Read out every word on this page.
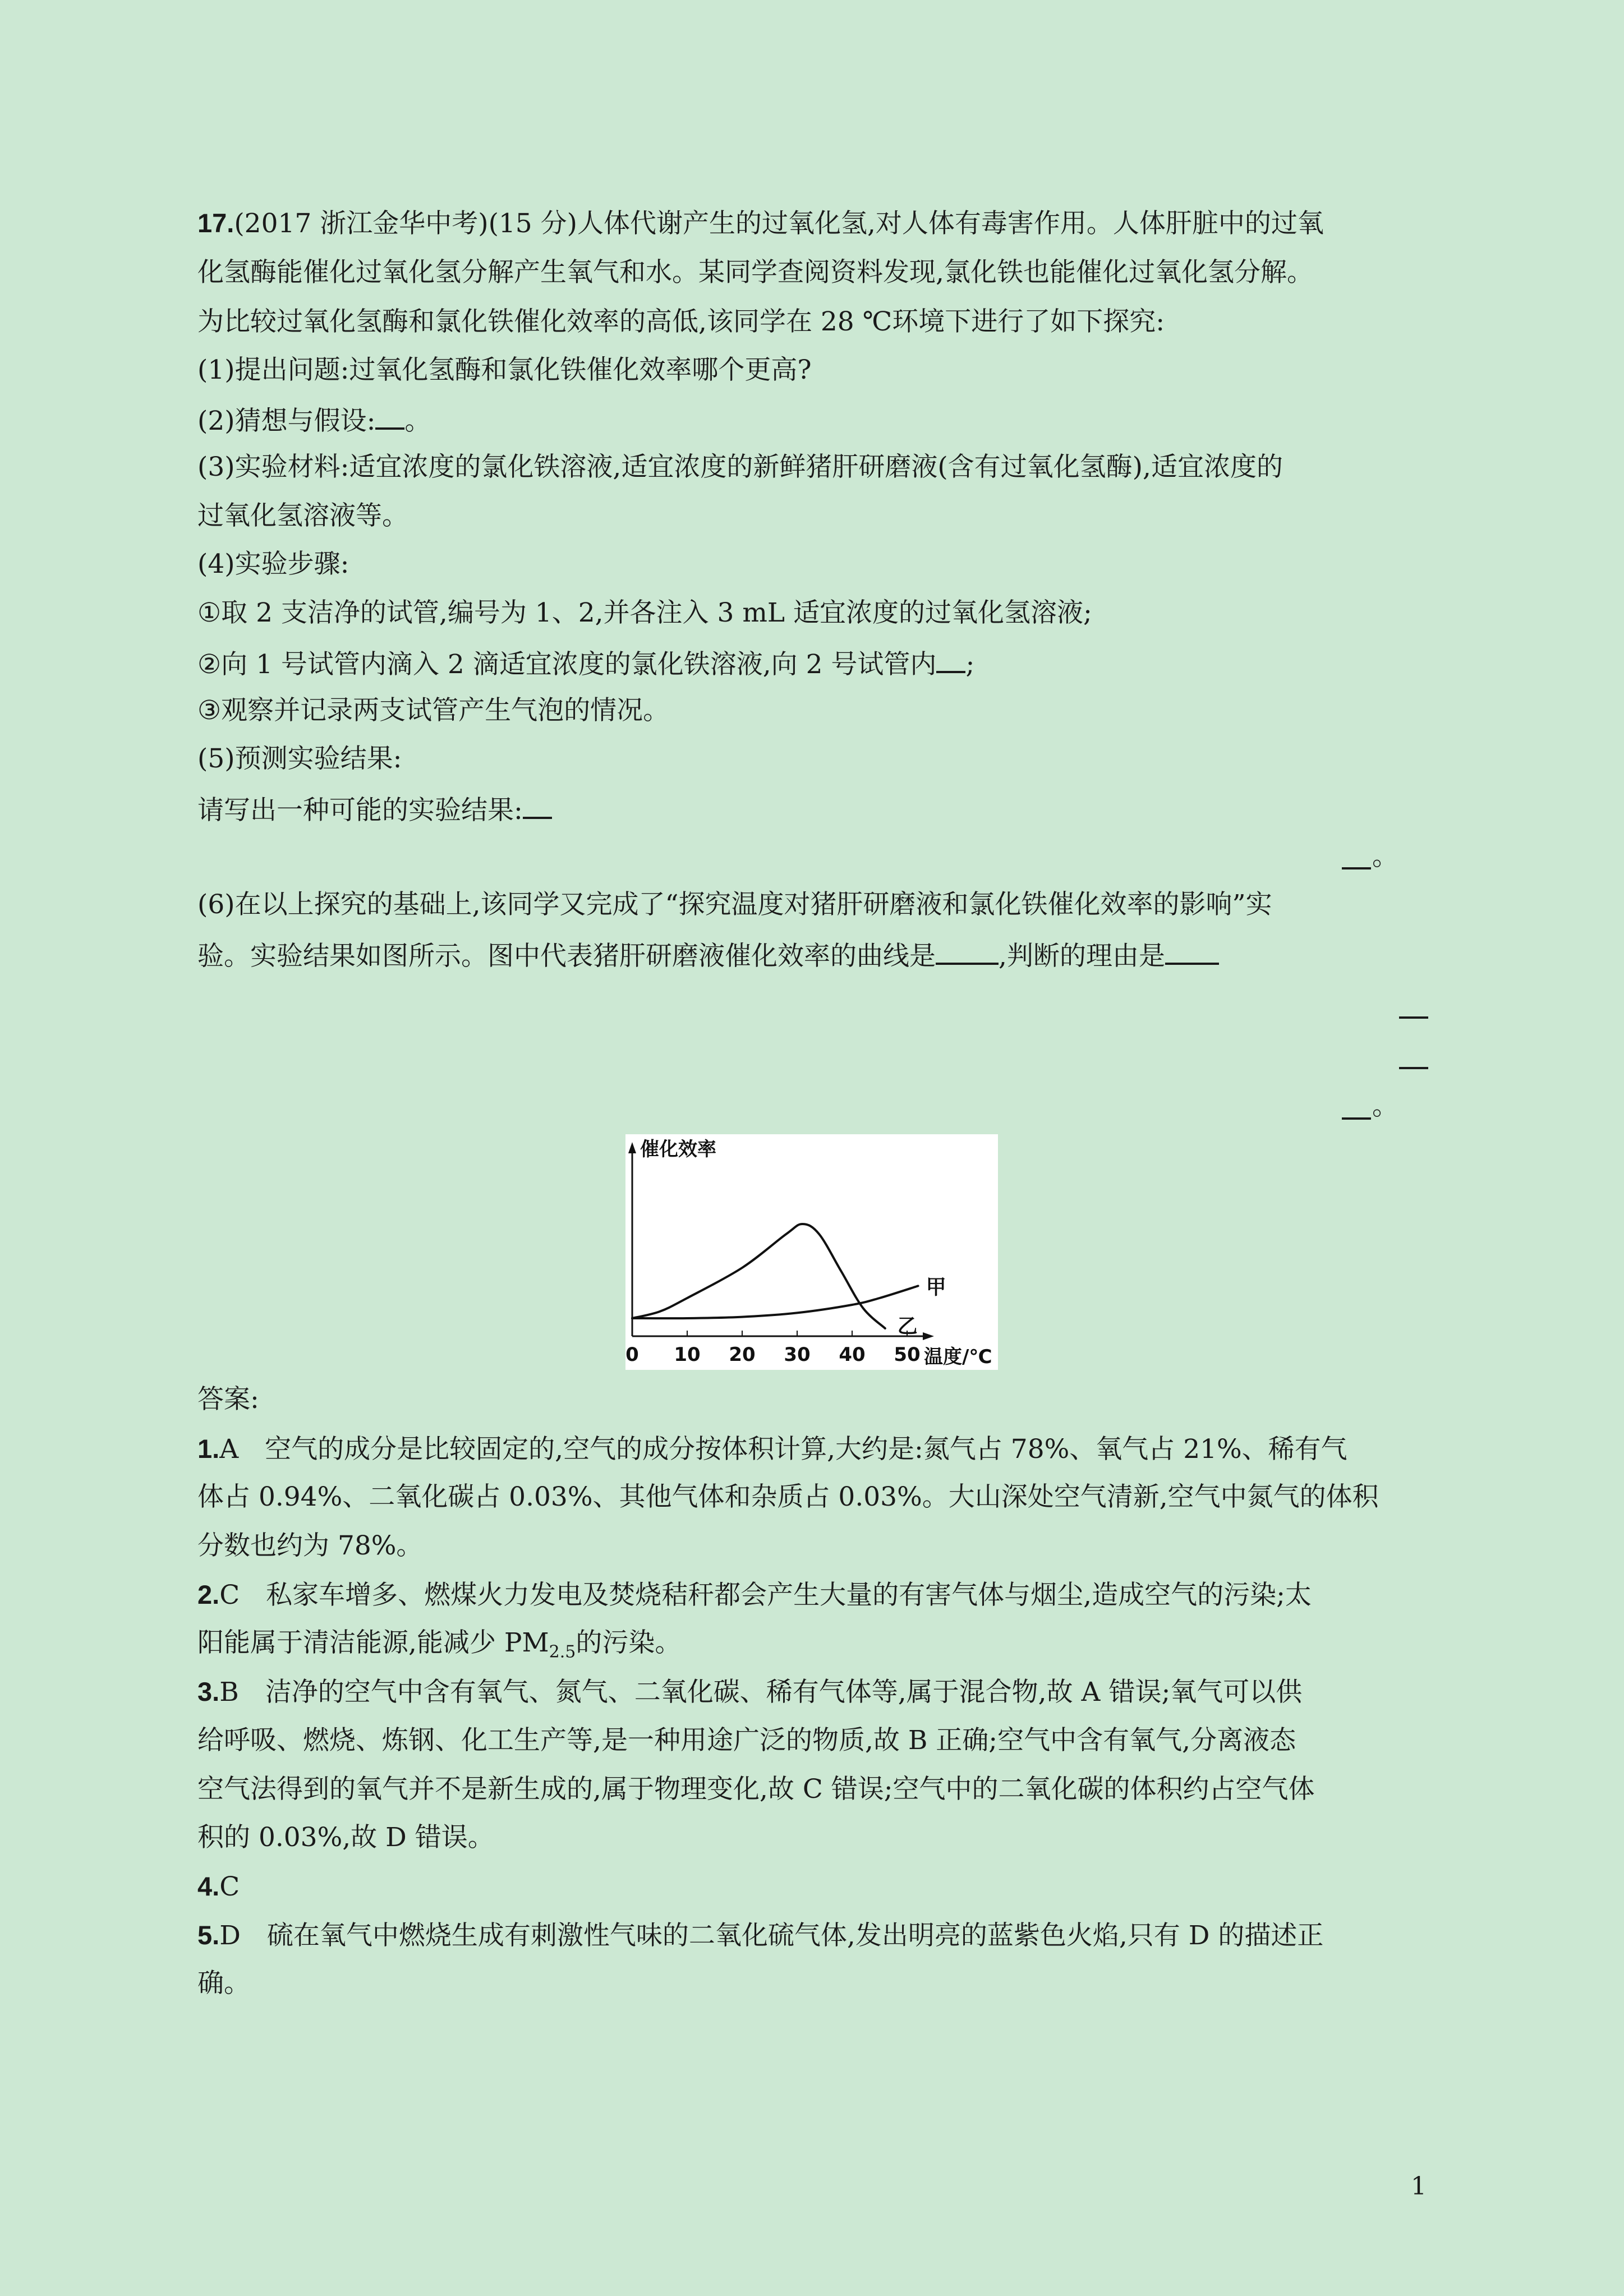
17.(2017 浙江金华中考)(15 分)人体代谢产生的过氧化氢,对人体有毒害作用。人体肝脏中的过氧
化氢酶能催化过氧化氢分解产生氧气和水。某同学查阅资料发现,氯化铁也能催化过氧化氢分解。
为比较过氧化氢酶和氯化铁催化效率的高低,该同学在 28 ℃环境下进行了如下探究:
(1)提出问题:过氧化氢酶和氯化铁催化效率哪个更高?
(2)猜想与假设: 。
(3)实验材料:适宜浓度的氯化铁溶液,适宜浓度的新鲜猪肝研磨液(含有过氧化氢酶),适宜浓度的
过氧化氢溶液等。
(4)实验步骤:
①取 2 支洁净的试管,编号为 1、2,并各注入 3 mL 适宜浓度的过氧化氢溶液;
②向 1 号试管内滴入 2 滴适宜浓度的氯化铁溶液,向 2 号试管内 ;
③观察并记录两支试管产生气泡的情况。
(5)预测实验结果:
请写出一种可能的实验结果:
。
(6)在以上探究的基础上,该同学又完成了“探究温度对猪肝研磨液和氯化铁催化效率的影响”实
验。实验结果如图所示。图中代表猪肝研磨液催化效率的曲线是 ,判断的理由是
。
催化效率
温度/℃
0 10 20 30 40 50
甲
乙
答案:
1.A　空气的成分是比较固定的,空气的成分按体积计算,大约是:氮气占 78%、氧气占 21%、稀有气
体占 0.94%、二氧化碳占 0.03%、其他气体和杂质占 0.03%。大山深处空气清新,空气中氮气的体积
分数也约为 78%。
2.C　私家车增多、燃煤火力发电及焚烧秸秆都会产生大量的有害气体与烟尘,造成空气的污染;太
阳能属于清洁能源,能减少 $PM_{2.5}$的污染。
3.B　洁净的空气中含有氧气、氮气、二氧化碳、稀有气体等,属于混合物,故 A 错误;氧气可以供
给呼吸、燃烧、炼钢、化工生产等,是一种用途广泛的物质,故 B 正确;空气中含有氧气,分离液态
空气法得到的氧气并不是新生成的,属于物理变化,故 C 错误;空气中的二氧化碳的体积约占空气体
积的 0.03%,故 D 错误。
4.C
5.D　硫在氧气中燃烧生成有刺激性气味的二氧化硫气体,发出明亮的蓝紫色火焰,只有 D 的描述正
确。
1
